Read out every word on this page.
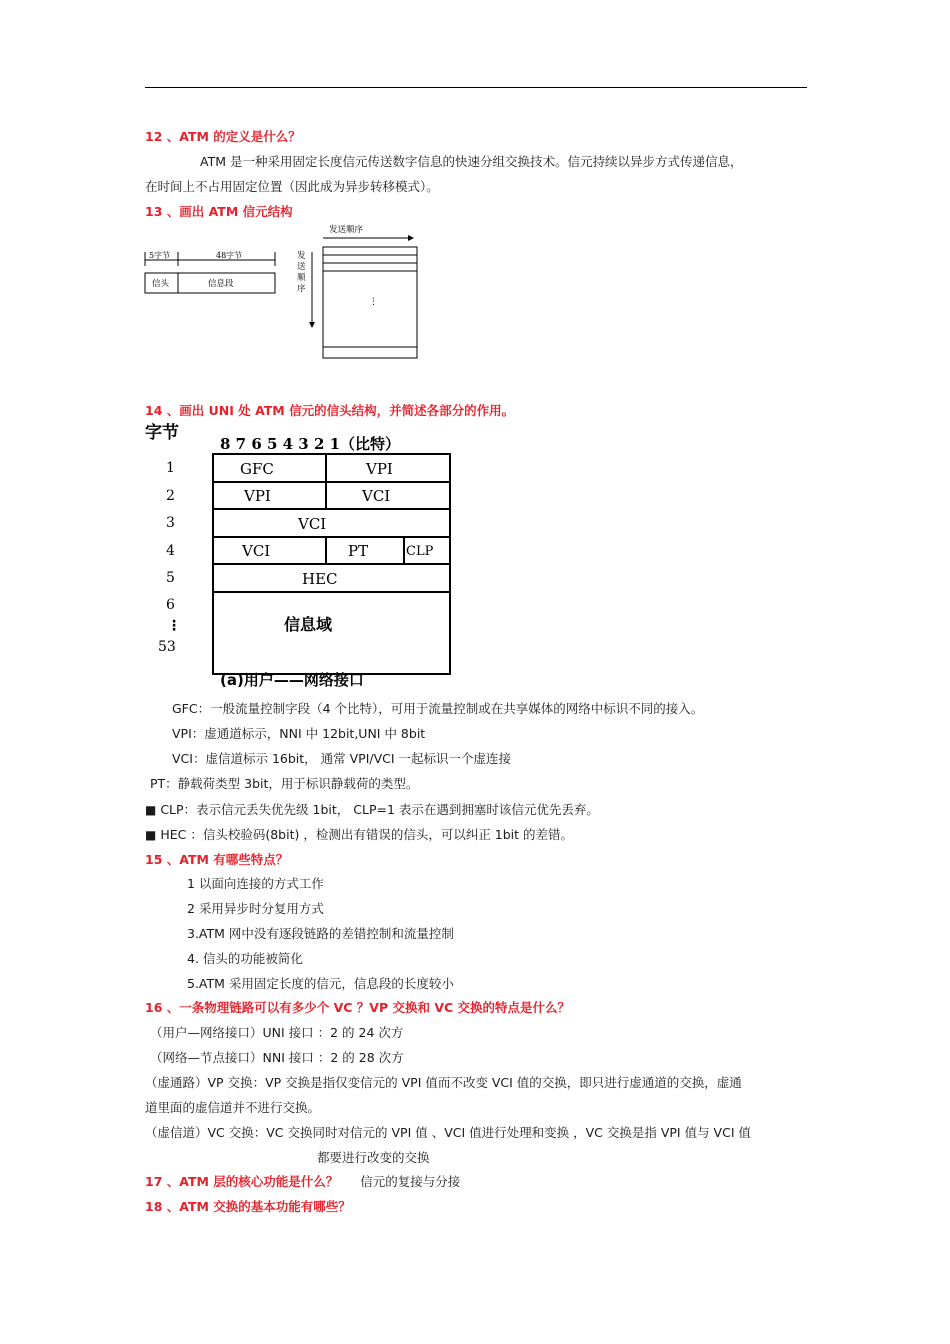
12 、ATM 的定义是什么？
ATM 是一种采用固定长度信元传送数字信息的快速分组交换技术。信元持续以异步方式传递信息，
在时间上不占用固定位置（因此成为异步转移模式）。
13 、画出 ATM 信元结构
5字节	48字节
信头	信息段
发送顺序
发
送
顺
序
⋮
14 、画出 UNI 处 ATM 信元的信头结构，并简述各部分的作用。
字节
8 7 6 5 4 3 2 1（比特）
1
2
3
4
5
6
⋮
53
GFC	VPI
VPI	VCI
VCI
VCI	PT	CLP
HEC
信息域
(a)用户——网络接口
GFC：一般流量控制字段（4 个比特），可用于流量控制或在共享媒体的网络中标识不同的接入。
VPI：虚通道标示，NNI 中 12bit,UNI 中 8bit
VCI：虚信道标示 16bit， 通常 VPI/VCI 一起标识一个虚连接
PT：静载荷类型 3bit，用于标识静载荷的类型。
■ CLP：表示信元丢失优先级 1bit， CLP=1 表示在遇到拥塞时该信元优先丢弃。
■ HEC ：信头校验码(8bit) ，检测出有错误的信头，可以纠正 1bit 的差错。
15 、ATM 有哪些特点？
1 以面向连接的方式工作
2 采用异步时分复用方式
3.ATM 网中没有逐段链路的差错控制和流量控制
4. 信头的功能被简化
5.ATM 采用固定长度的信元，信息段的长度较小
16 、一条物理链路可以有多少个 VC ？VP 交换和 VC 交换的特点是什么？
（用户—网络接口）UNI 接口 ：2 的 24 次方
（网络—节点接口）NNI 接口 ：2 的 28 次方
（虚通路）VP 交换：VP 交换是指仅变信元的 VPI 值而不改变 VCI 值的交换，即只进行虚通道的交换，虚通
道里面的虚信道并不进行交换。
（虚信道）VC 交换：VC 交换同时对信元的 VPI 值 、VCI 值进行处理和变换 ，VC 交换是指 VPI 值与 VCI 值
都要进行改变的交换
17 、ATM 层的核心功能是什么？ 信元的复接与分接
18 、ATM 交换的基本功能有哪些？
